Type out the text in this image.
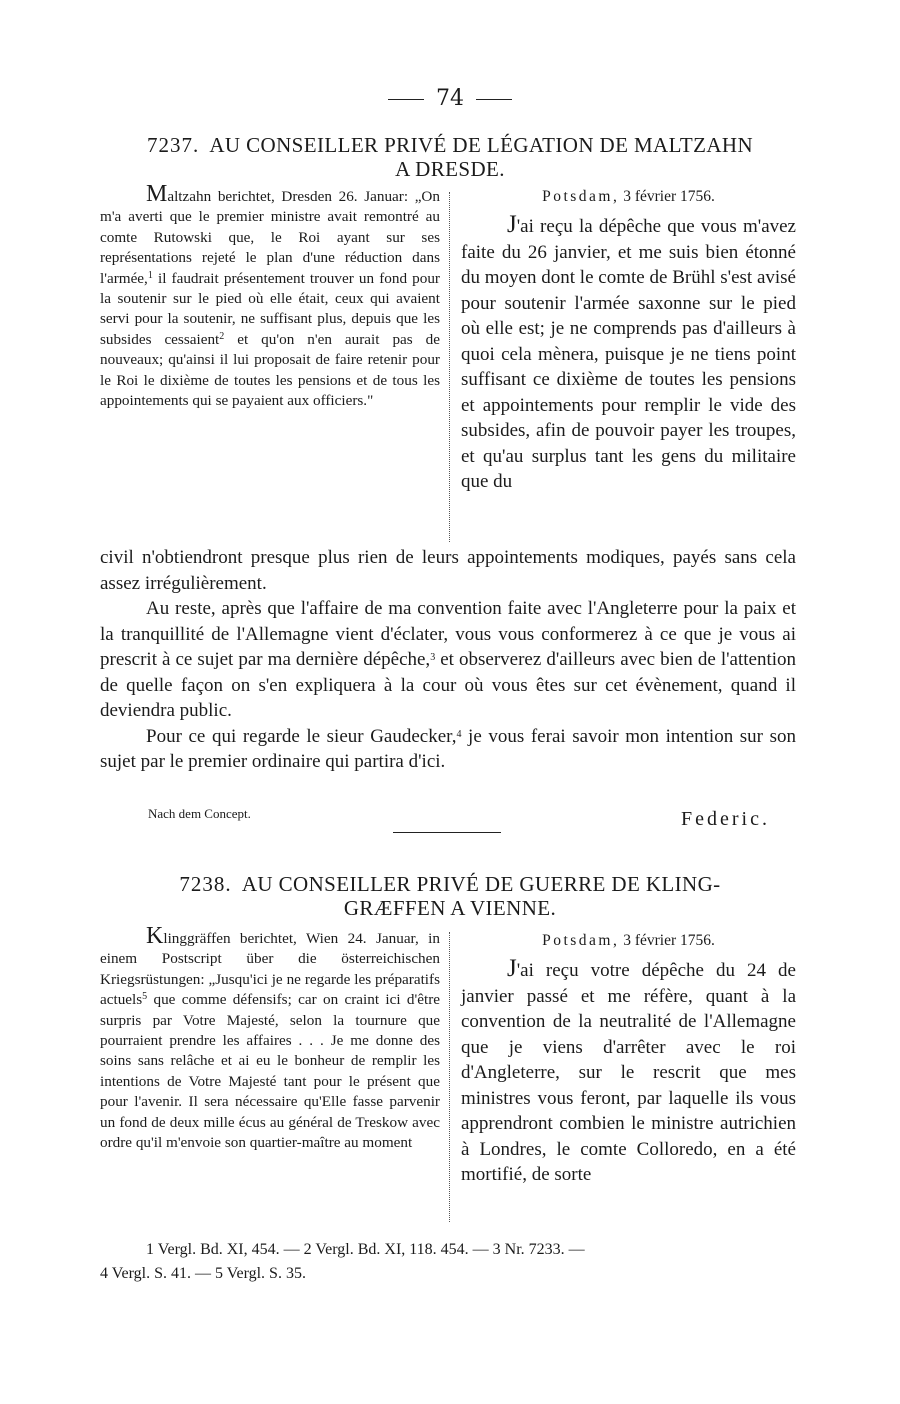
74
7237. AU CONSEILLER PRIVÉ DE LÉGATION DE MALTZAHN
A DRESDE.
Maltzahn berichtet, Dresden 26. Januar: „On m'a averti que le premier ministre avait remontré au comte Rutowski que, le Roi ayant sur ses représentations rejeté le plan d'une réduction dans l'armée,$^1$ il faudrait présentement trouver un fond pour la soutenir sur le pied où elle était, ceux qui avaient servi pour la soutenir, ne suffisant plus, depuis que les subsides cessaient$^2$ et qu'on n'en aurait pas de nouveaux; qu'ainsi il lui proposait de faire retenir pour le Roi le dixième de toutes les pensions et de tous les appointements qui se payaient aux officiers."
Potsdam, 3 février 1756.
J'ai reçu la dépêche que vous m'avez faite du 26 janvier, et me suis bien étonné du moyen dont le comte de Brühl s'est avisé pour soutenir l'armée saxonne sur le pied où elle est; je ne comprends pas d'ailleurs à quoi cela mènera, puisque je ne tiens point suffisant ce dixième de toutes les pensions et appointements pour remplir le vide des subsides, afin de pouvoir payer les troupes, et qu'au surplus tant les gens du militaire que du

civil n'obtiendront presque plus rien de leurs appointements modiques, payés sans cela assez irrégulièrement.

Au reste, après que l'affaire de ma convention faite avec l'Angleterre pour la paix et la tranquillité de l'Allemagne vient d'éclater, vous vous conformerez à ce que je vous ai prescrit à ce sujet par ma dernière dépêche,$^3$ et observerez d'ailleurs avec bien de l'attention de quelle façon on s'en expliquera à la cour où vous êtes sur cet évènement, quand il deviendra public.

Pour ce qui regarde le sieur Gaudecker,$^4$ je vous ferai savoir mon intention sur son sujet par le premier ordinaire qui partira d'ici.

Nach dem Concept.	Federic.
7238. AU CONSEILLER PRIVÉ DE GUERRE DE KLING-
GRÆFFEN A VIENNE.
Klinggräffen berichtet, Wien 24. Januar, in einem Postscript über die österreichischen Kriegsrüstungen: „Jusqu'ici je ne regarde les préparatifs actuels$^5$ que comme défensifs; car on craint ici d'être surpris par Votre Majesté, selon la tournure que pourraient prendre les affaires . . . Je me donne des soins sans relâche et ai eu le bonheur de remplir les intentions de Votre Majesté tant pour le présent que pour l'avenir. Il sera nécessaire qu'Elle fasse parvenir un fond de deux mille écus au général de Treskow avec ordre qu'il m'envoie son quartier-maître au moment
Potsdam, 3 février 1756.
J'ai reçu votre dépêche du 24 de janvier passé et me réfère, quant à la convention de la neutralité de l'Allemagne que je viens d'arrêter avec le roi d'Angleterre, sur le rescrit que mes ministres vous feront, par laquelle ils vous apprendront combien le ministre autrichien à Londres, le comte Colloredo, en a été mortifié, de sorte
1 Vergl. Bd. XI, 454. — 2 Vergl. Bd. XI, 118. 454. — 3 Nr. 7233. —
4 Vergl. S. 41. — 5 Vergl. S. 35.
